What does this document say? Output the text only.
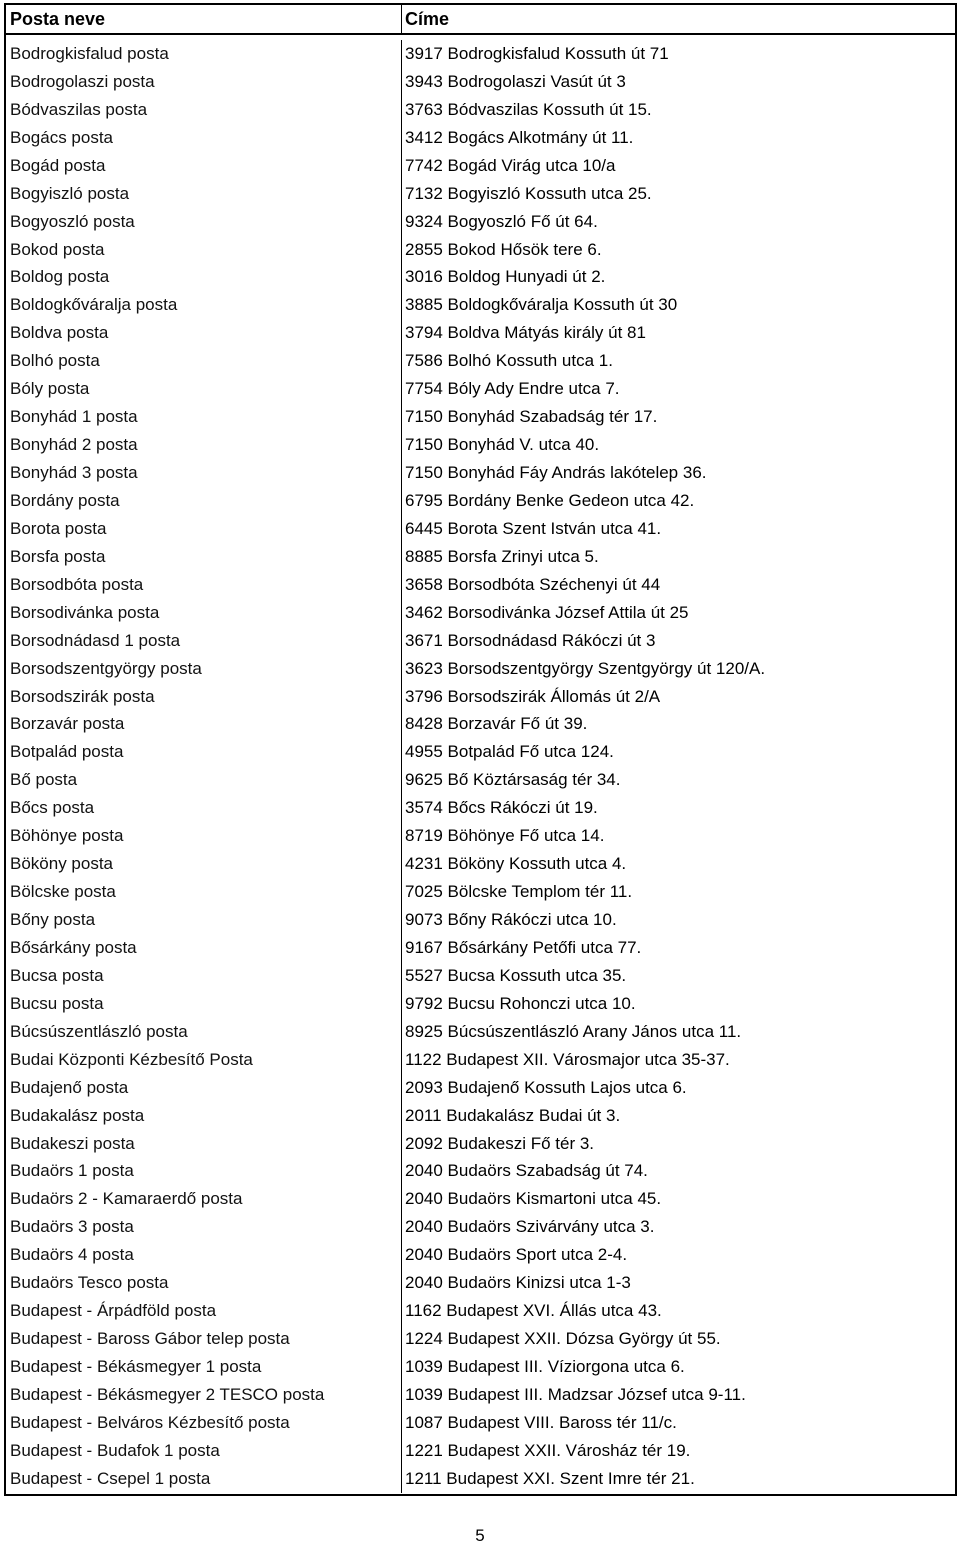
Posta neve	Címe
Bodrogkisfalud posta	3917 Bodrogkisfalud Kossuth út 71
Bodrogolaszi posta	3943 Bodrogolaszi Vasút út 3
Bódvaszilas posta	3763 Bódvaszilas Kossuth út 15.
Bogács posta	3412 Bogács Alkotmány út 11.
Bogád posta	7742 Bogád Virág utca 10/a
Bogyiszló posta	7132 Bogyiszló Kossuth utca 25.
Bogyoszló posta	9324 Bogyoszló Fő út 64.
Bokod posta	2855 Bokod Hősök tere 6.
Boldog posta	3016 Boldog Hunyadi út 2.
Boldogkőváralja posta	3885 Boldogkőváralja Kossuth út 30
Boldva posta	3794 Boldva Mátyás király út 81
Bolhó posta	7586 Bolhó Kossuth utca 1.
Bóly posta	7754 Bóly Ady Endre utca 7.
Bonyhád 1 posta	7150 Bonyhád Szabadság tér 17.
Bonyhád 2 posta	7150 Bonyhád V. utca 40.
Bonyhád 3 posta	7150 Bonyhád Fáy András lakótelep 36.
Bordány posta	6795 Bordány Benke Gedeon utca 42.
Borota posta	6445 Borota Szent István utca 41.
Borsfa posta	8885 Borsfa Zrinyi utca 5.
Borsodbóta posta	3658 Borsodbóta Széchenyi út 44
Borsodivánka posta	3462 Borsodivánka József Attila út 25
Borsodnádasd 1 posta	3671 Borsodnádasd Rákóczi út 3
Borsodszentgyörgy posta	3623 Borsodszentgyörgy Szentgyörgy út 120/A.
Borsodszirák posta	3796 Borsodszirák Állomás út 2/A
Borzavár posta	8428 Borzavár Fő út 39.
Botpalád posta	4955 Botpalád Fő utca 124.
Bő posta	9625 Bő Köztársaság tér 34.
Bőcs posta	3574 Bőcs Rákóczi út 19.
Böhönye posta	8719 Böhönye Fő utca 14.
Bököny posta	4231 Bököny Kossuth utca 4.
Bölcske posta	7025 Bölcske Templom tér 11.
Bőny posta	9073 Bőny Rákóczi utca 10.
Bősárkány posta	9167 Bősárkány Petőfi utca 77.
Bucsa posta	5527 Bucsa Kossuth utca 35.
Bucsu posta	9792 Bucsu Rohonczi utca 10.
Búcsúszentlászló posta	8925 Búcsúszentlászló Arany János utca 11.
Budai Központi Kézbesítő Posta	1122 Budapest XII. Városmajor utca 35-37.
Budajenő posta	2093 Budajenő Kossuth Lajos utca 6.
Budakalász posta	2011 Budakalász Budai út 3.
Budakeszi posta	2092 Budakeszi Fő tér 3.
Budaörs 1 posta	2040 Budaörs Szabadság út 74.
Budaörs 2 - Kamaraerdő posta	2040 Budaörs Kismartoni utca 45.
Budaörs 3 posta	2040 Budaörs Szivárvány utca 3.
Budaörs 4 posta	2040 Budaörs Sport utca 2-4.
Budaörs Tesco posta	2040 Budaörs Kinizsi utca 1-3
Budapest - Árpádföld posta	1162 Budapest XVI. Állás utca 43.
Budapest - Baross Gábor telep posta	1224 Budapest XXII. Dózsa György út 55.
Budapest - Békásmegyer 1 posta	1039 Budapest III. Víziorgona utca 6.
Budapest - Békásmegyer 2 TESCO posta	1039 Budapest III. Madzsar József utca 9-11.
Budapest - Belváros Kézbesítő posta	1087 Budapest VIII. Baross tér 11/c.
Budapest - Budafok 1 posta	1221 Budapest XXII. Városház tér 19.
Budapest - Csepel 1 posta	1211 Budapest XXI. Szent Imre tér 21.
5
